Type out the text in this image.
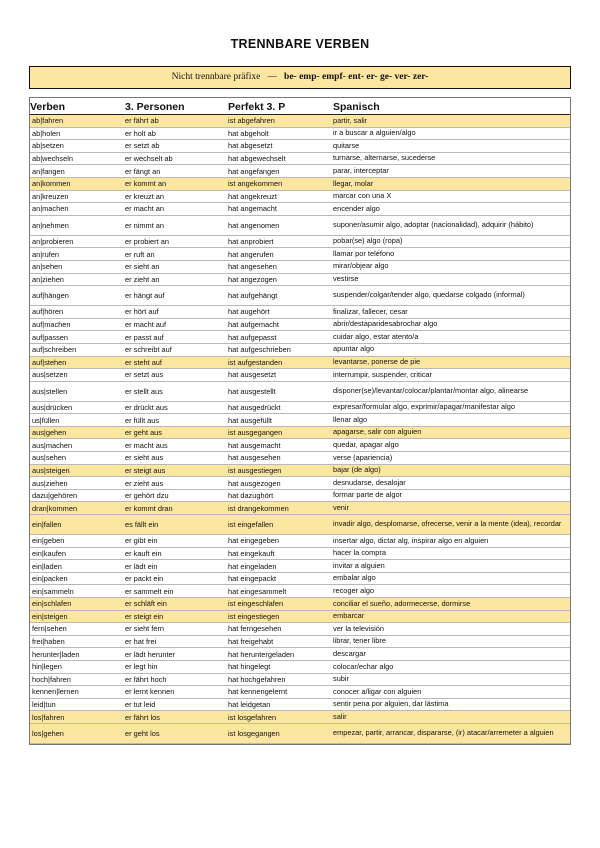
TRENNBARE VERBEN
Nicht trennbare präfixe — be- emp- empf- ent- er- ge- ver- zer-
Verben	3. Personen	Perfekt 3. P	Spanisch
ab|fahren	er fährt ab	ist abgefahren	partir, salir
ab|holen	er holt ab	hat abgeholt	ir a buscar a alguien/algo
ab|setzen	er setzt ab	hat abgesetzt	quitarse
ab|wechseln	er wechselt ab	hat abgewechselt	turnarse, alternarse, sucederse
an|fangen	er fängt an	hat angefangen	parar, interceptar
an|kommen	er kommt an	ist angekommen	llegar, molar
an|kreuzen	er kreuzt an	hat angekreuzt	marcar con una X
an|machen	er macht an	hat angemacht	encender algo
an|nehmen	er nimmt an	hat angenomen	suponer/asumir algo, adoptar (nacionalidad), adquirir (hábito)
an|probieren	er probiert an	hat anprobiert	pobar(se) algo (ropa)
an|rufen	er ruft an	hat angerufen	llamar por teléfono
an|sehen	er sieht an	hat angesehen	mirar/objear algo
an|ziehen	er zieht an	hat angezogen	vestirse
auf|hängen	er hängt auf	hat aufgehängt	suspender/colgar/tender algo, quedarse colgado (informal)
auf|hören	er hört auf	hat augehört	finalizar, fallecer, cesar
auf|machen	er macht auf	hat aufgemacht	abrir/destaparidesabrochar algo
auf|passen	er passt auf	hat aufgepasst	cuidar algo, estar atento/a
auf|schreiben	er schreibt auf	hat aufgeschrieben	apuntar algo
auf|stehen	er steht auf	ist aufgestanden	levantarse, ponerse de pie
aus|setzen	er setzt aus	hat ausgesetzt	interrumpir, suspender, criticar
aus|stellen	er stellt aus	hat ausgestellt	disponer(se)/levantar/colocar/plantar/montar algo, alinearse
aus|drücken	er drückt aus	hat ausgedrückt	expresar/formular algo, exprimir/apagar/manifestar algo
us|füllen	er füllt aus	hat ausgefüllt	llenar algo
aus|gehen	er geht aus	ist ausgegangen	apagarse, salir con alguien
aus|machen	er macht aus	hat ausgemacht	quedar, apagar algo
aus|sehen	er sieht aus	hat ausgesehen	verse (apariencia)
aus|steigen	er steigt aus	ist ausgestiegen	bajar (de algo)
aus|ziehen	er zieht aus	hat ausgezogen	desnudarse, desalojar
dazu|gehören	er gehört dzu	hat dazughört	formar parte de algor
dran|kommen	er kommt dran	ist drangekommen	venir
ein|fallen	es fällt ein	ist eingefallen	invadir algo, desplomarse, ofrecerse, venir a la mente (idea), recordar
ein|geben	er gibt ein	hat eingegeben	insertar algo, dictar alg, inspirar algo en alguien
ein|kaufen	er kauft ein	hat eingekauft	hacer la compra
ein|laden	er lädt ein	hat eingeladen	invitar a alguien
ein|packen	er packt ein	hat eingepackt	embalar algo
ein|sammeln	er sammelt ein	hat eingesammelt	recoger algo
ein|schlafen	er schläft ein	ist eingeschlafen	conciliar el sueño, adormecerse, dormirse
ein|steigen	er steigt ein	ist eingestiegen	embarcar
fern|sehen	er sieht fern	hat ferngesehen	ver la televisión
frei|haben	er hat frei	hat freigehabt	librar, tener libre
herunter|laden	er lädt herunter	hat heruntergeladen	descargar
hin|legen	er legt hin	hat hingelegt	colocar/echar algo
hoch|fahren	er fährt hoch	hat hochgefahren	subir
kennen|lernen	er lernt kennen	hat kennengelernt	conocer a/ligar con alguien
leid|tun	er tut leid	hat leidgetan	sentir pena por alguien, dar lástima
los|fahren	er fährt los	ist losgefahren	salir
los|gehen	er geht los	ist losgegangen	empezar, partir, arrancar, dispararse, (ir) atacar/arremeter a alguien
